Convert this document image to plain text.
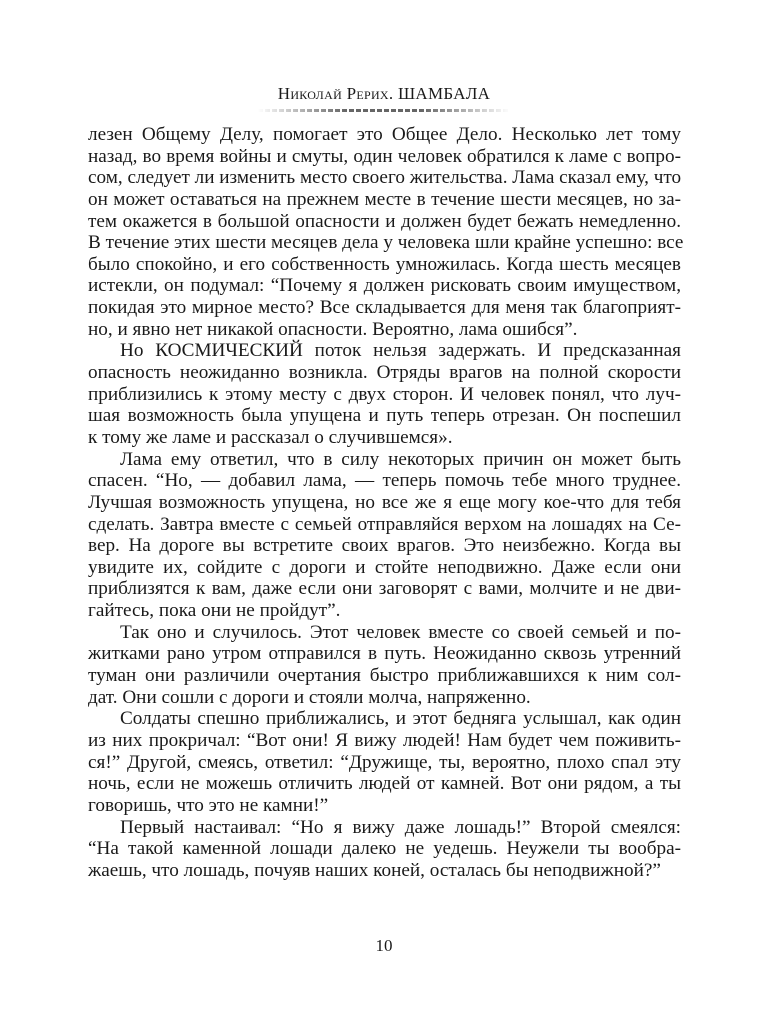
Николай Рерих. ШАМБАЛА
лезен Общему Делу, помогает это Общее Дело. Несколько лет тому
назад, во время войны и смуты, один человек обратился к ламе с вопро-
сом, следует ли изменить место своего жительства. Лама сказал ему, что
он может оставаться на прежнем месте в течение шести месяцев, но за-
тем окажется в большой опасности и должен будет бежать немедленно.
В течение этих шести месяцев дела у человека шли крайне успешно: все
было спокойно, и его собственность умножилась. Когда шесть месяцев
истекли, он подумал: “Почему я должен рисковать своим имуществом,
покидая это мирное место? Все складывается для меня так благоприят-
но, и явно нет никакой опасности. Вероятно, лама ошибся”.
Но КОСМИЧЕСКИЙ поток нельзя задержать. И предсказанная
опасность неожиданно возникла. Отряды врагов на полной скорости
приблизились к этому месту с двух сторон. И человек понял, что луч-
шая возможность была упущена и путь теперь отрезан. Он поспешил
к тому же ламе и рассказал о случившемся».
Лама ему ответил, что в силу некоторых причин он может быть
спасен. “Но, — добавил лама, — теперь помочь тебе много труднее.
Лучшая возможность упущена, но все же я еще могу кое-что для тебя
сделать. Завтра вместе с семьей отправляйся верхом на лошадях на Се-
вер. На дороге вы встретите своих врагов. Это неизбежно. Когда вы
увидите их, сойдите с дороги и стойте неподвижно. Даже если они
приблизятся к вам, даже если они заговорят с вами, молчите и не дви-
гайтесь, пока они не пройдут”.
Так оно и случилось. Этот человек вместе со своей семьей и по-
житками рано утром отправился в путь. Неожиданно сквозь утренний
туман они различили очертания быстро приближавшихся к ним сол-
дат. Они сошли с дороги и стояли молча, напряженно.
Солдаты спешно приближались, и этот бедняга услышал, как один
из них прокричал: “Вот они! Я вижу людей! Нам будет чем поживить-
ся!” Другой, смеясь, ответил: “Дружище, ты, вероятно, плохо спал эту
ночь, если не можешь отличить людей от камней. Вот они рядом, а ты
говоришь, что это не камни!”
Первый настаивал: “Но я вижу даже лошадь!” Второй смеялся:
“На такой каменной лошади далеко не уедешь. Неужели ты вообра-
жаешь, что лошадь, почуяв наших коней, осталась бы неподвижной?”
10
